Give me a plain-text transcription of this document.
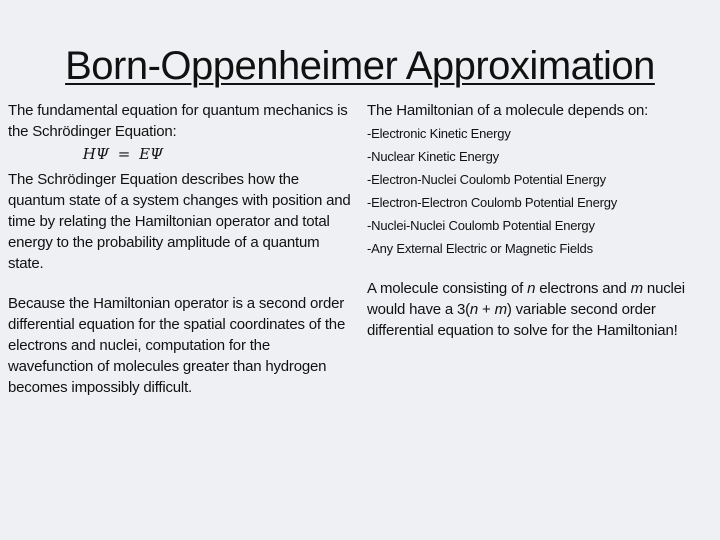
Born-Oppenheimer Approximation

The fundamental equation for quantum mechanics is the Schrödinger Equation:

HΨ = EΨ

The Schrödinger Equation describes how the quantum state of a system changes with position and time by relating the Hamiltonian operator and total energy to the probability amplitude of a quantum state.

Because the Hamiltonian operator is a second order differential equation for the spatial coordinates of the electrons and nuclei, computation for the wavefunction of molecules greater than hydrogen becomes impossibly difficult.

The Hamiltonian of a molecule depends on:

-Electronic Kinetic Energy

-Nuclear Kinetic Energy

-Electron-Nuclei Coulomb Potential Energy

-Electron-Electron Coulomb Potential Energy

-Nuclei-Nuclei Coulomb Potential Energy

-Any External Electric or Magnetic Fields

A molecule consisting of n electrons and m nuclei would have a 3(n + m) variable second order differential equation to solve for the Hamiltonian!
